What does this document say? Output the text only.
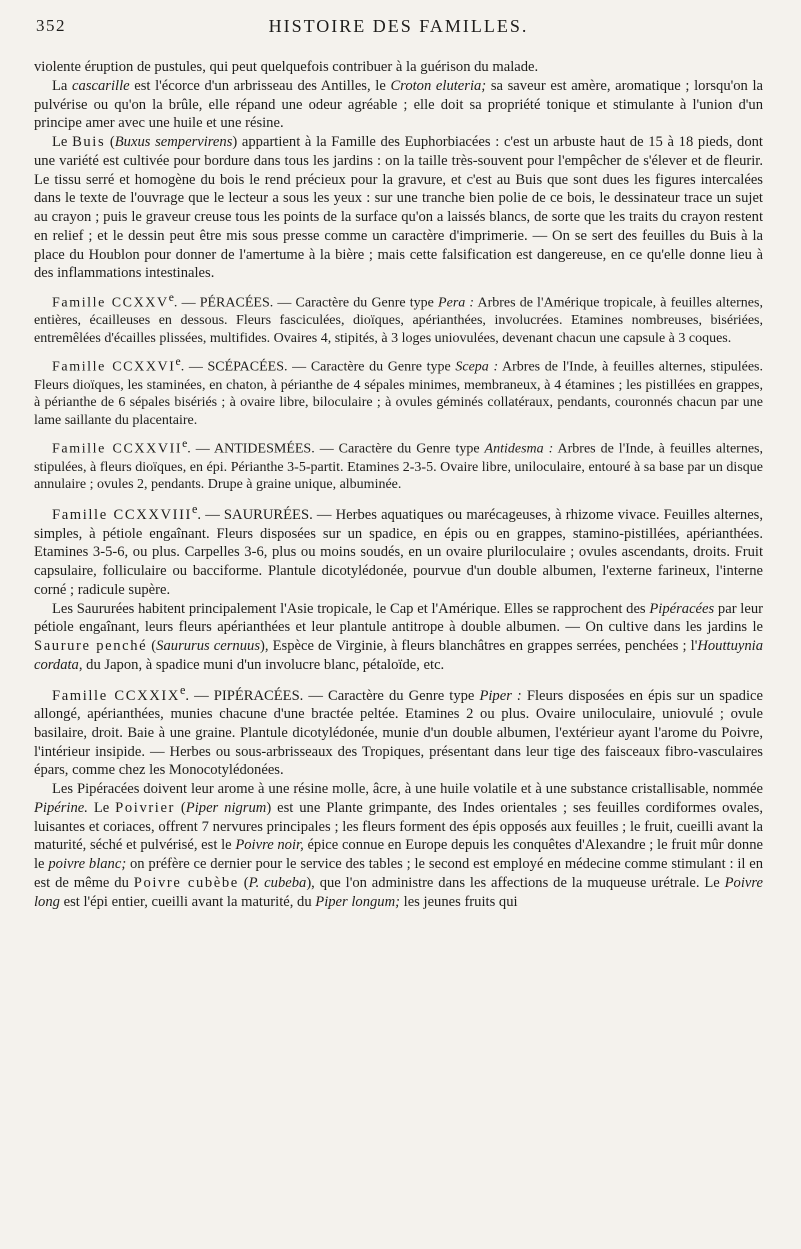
352	HISTOIRE DES FAMILLES.

violente éruption de pustules, qui peut quelquefois contribuer à la guérison du malade.

La cascarille est l'écorce d'un arbrisseau des Antilles, le Croton eluteria; sa saveur est amère, aromatique ; lorsqu'on la pulvérise ou qu'on la brûle, elle répand une odeur agréable ; elle doit sa propriété tonique et stimulante à l'union d'un principe amer avec une huile et une résine.

Le Buis (Buxus sempervirens) appartient à la Famille des Euphorbiacées : c'est un arbuste haut de 15 à 18 pieds, dont une variété est cultivée pour bordure dans tous les jardins : on la taille très-souvent pour l'empêcher de s'élever et de fleurir. Le tissu serré et homogène du bois le rend précieux pour la gravure, et c'est au Buis que sont dues les figures intercalées dans le texte de l'ouvrage que le lecteur a sous les yeux : sur une tranche bien polie de ce bois, le dessinateur trace un sujet au crayon ; puis le graveur creuse tous les points de la surface qu'on a laissés blancs, de sorte que les traits du crayon restent en relief ; et le dessin peut être mis sous presse comme un caractère d'imprimerie. — On se sert des feuilles du Buis à la place du Houblon pour donner de l'amertume à la bière ; mais cette falsification est dangereuse, en ce qu'elle donne lieu à des inflammations intestinales.

Famille CCXXVe. — PÉRACÉES. — Caractère du Genre type Pera : Arbres de l'Amérique tropicale, à feuilles alternes, entières, écailleuses en dessous. Fleurs fasciculées, dioïques, apérianthées, involucrées. Etamines nombreuses, bisériées, entremêlées d'écailles plissées, multifides. Ovaires 4, stipités, à 3 loges uniovulées, devenant chacun une capsule à 3 coques.

Famille CCXXVIe. — SCÉPACÉES. — Caractère du Genre type Scepa : Arbres de l'Inde, à feuilles alternes, stipulées. Fleurs dioïques, les staminées, en chaton, à périanthe de 4 sépales minimes, membraneux, à 4 étamines ; les pistillées en grappes, à périanthe de 6 sépales bisériés ; à ovaire libre, biloculaire ; à ovules géminés collatéraux, pendants, couronnés chacun par une lame saillante du placentaire.

Famille CCXXVIIe. — ANTIDESMÉES. — Caractère du Genre type Antidesma : Arbres de l'Inde, à feuilles alternes, stipulées, à fleurs dioïques, en épi. Périanthe 3-5-partit. Etamines 2-3-5. Ovaire libre, uniloculaire, entouré à sa base par un disque annulaire ; ovules 2, pendants. Drupe à graine unique, albuminée.

Famille CCXXVIIIe. — SAURURÉES. — Herbes aquatiques ou marécageuses, à rhizome vivace. Feuilles alternes, simples, à pétiole engaînant. Fleurs disposées sur un spadice, en épis ou en grappes, stamino-pistillées, apérianthées. Etamines 3-5-6, ou plus. Carpelles 3-6, plus ou moins soudés, en un ovaire pluriloculaire ; ovules ascendants, droits. Fruit capsulaire, folliculaire ou bacciforme. Plantule dicotylédonée, pourvue d'un double albumen, l'externe farineux, l'interne corné ; radicule supère.

Les Saururées habitent principalement l'Asie tropicale, le Cap et l'Amérique. Elles se rapprochent des Pipéracées par leur pétiole engaînant, leurs fleurs apérianthées et leur plantule antitrope à double albumen. — On cultive dans les jardins le Saurure penché (Saururus cernuus), Espèce de Virginie, à fleurs blanchâtres en grappes serrées, penchées ; l'Houttuynia cordata, du Japon, à spadice muni d'un involucre blanc, pétaloïde, etc.

Famille CCXXIXe. — PIPÉRACÉES. — Caractère du Genre type Piper : Fleurs disposées en épis sur un spadice allongé, apérianthées, munies chacune d'une bractée peltée. Etamines 2 ou plus. Ovaire uniloculaire, uniovulé ; ovule basilaire, droit. Baie à une graine. Plantule dicotylédonée, munie d'un double albumen, l'extérieur ayant l'arome du Poivre, l'intérieur insipide. — Herbes ou sous-arbrisseaux des Tropiques, présentant dans leur tige des faisceaux fibro-vasculaires épars, comme chez les Monocotylédonées.

Les Pipéracées doivent leur arome à une résine molle, âcre, à une huile volatile et à une substance cristallisable, nommée Pipérine. Le Poivrier (Piper nigrum) est une Plante grimpante, des Indes orientales ; ses feuilles cordiformes ovales, luisantes et coriaces, offrent 7 nervures principales ; les fleurs forment des épis opposés aux feuilles ; le fruit, cueilli avant la maturité, séché et pulvérisé, est le Poivre noir, épice connue en Europe depuis les conquêtes d'Alexandre ; le fruit mûr donne le poivre blanc; on préfère ce dernier pour le service des tables ; le second est employé en médecine comme stimulant : il en est de même du Poivre cubèbe (P. cubeba), que l'on administre dans les affections de la muqueuse urétrale. Le Poivre long est l'épi entier, cueilli avant la maturité, du Piper longum; les jeunes fruits qui
